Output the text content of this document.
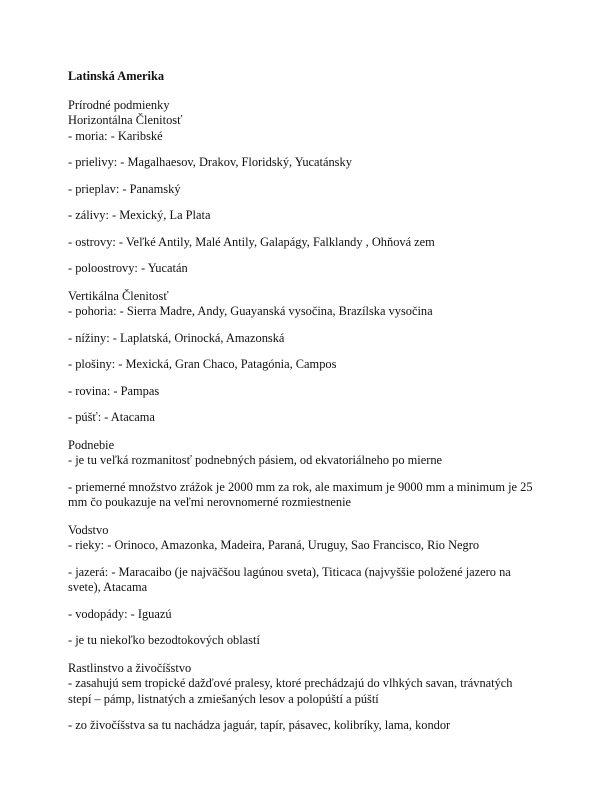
Latinská Amerika
Prírodné podmienky
Horizontálna Členitosť
- moria: - Karibské
- prielivy: - Magalhaesov, Drakov, Floridský, Yucatánsky
- prieplav: - Panamský
- zálivy: - Mexický, La Plata
- ostrovy: - Veľké Antily, Malé Antily, Galapágy, Falklandy , Ohňová zem
- poloostrovy: - Yucatán
Vertikálna Členitosť
- pohoria: - Sierra Madre, Andy, Guayanská vysočina, Brazílska vysočina
- nížiny: - Laplatská, Orinocká, Amazonská
- plošiny: - Mexická, Gran Chaco, Patagónia, Campos
- rovina: - Pampas
- púšť: - Atacama
Podnebie
- je tu veľká rozmanitosť podnebných pásiem, od ekvatoriálneho po mierne
- priemerné množstvo zrážok je 2000 mm za rok, ale maximum je 9000 mm a minimum je 25 mm čo poukazuje na veľmi nerovnomerné rozmiestnenie
Vodstvo
- rieky: - Orinoco, Amazonka, Madeira, Paraná, Uruguy, Sao Francisco, Rio Negro
- jazerá: - Maracaibo (je najväčšou lagúnou sveta), Titicaca (najvyššie položené jazero na svete), Atacama
- vodopády: - Iguazú
- je tu niekoľko bezodtokových oblastí
Rastlinstvo a živočíšstvo
- zasahujú sem tropické dažďové pralesy, ktoré prechádzajú do vlhkých savan, trávnatých stepí – pámp, listnatých a zmiešaných lesov a polopúští a púští
- zo živočíšstva sa tu nachádza jaguár, tapír, pásavec, kolibríky, lama, kondor
